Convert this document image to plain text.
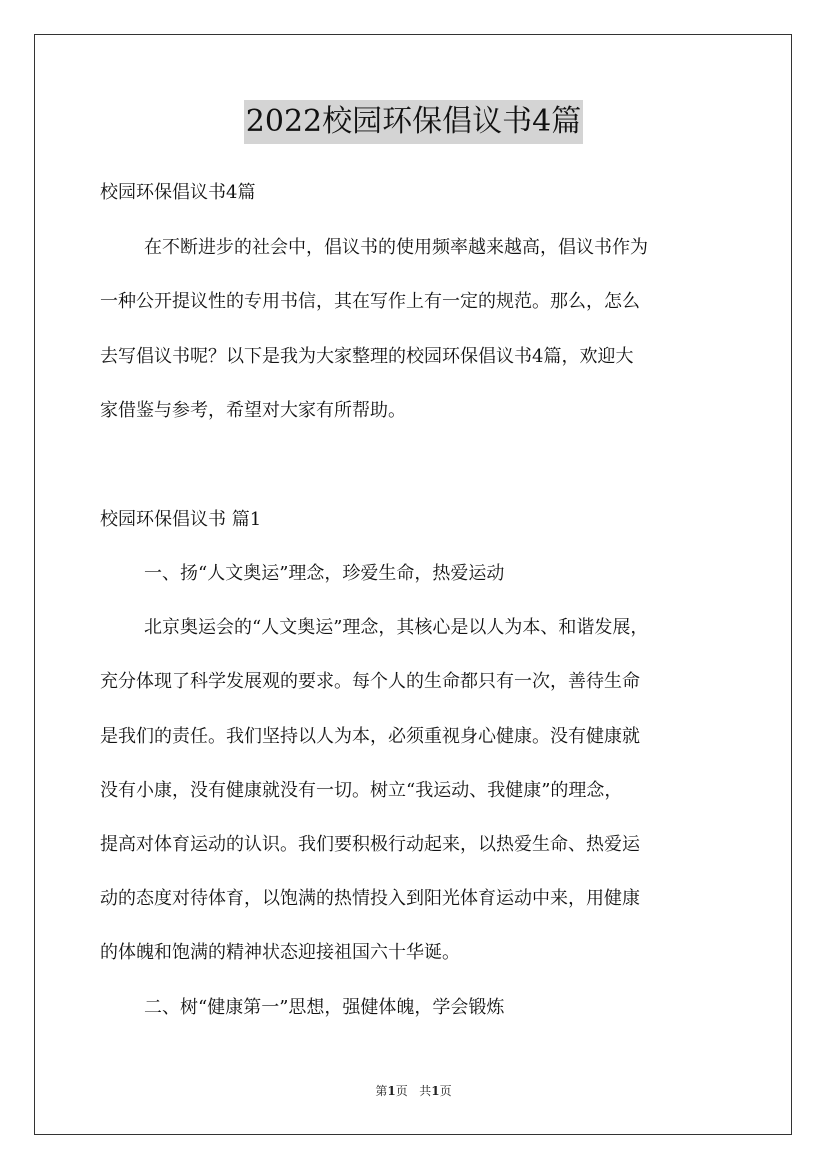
2022校园环保倡议书4篇
校园环保倡议书4篇
在不断进步的社会中，倡议书的使用频率越来越高，倡议书作为
一种公开提议性的专用书信，其在写作上有一定的规范。那么，怎么
去写倡议书呢？以下是我为大家整理的校园环保倡议书4篇，欢迎大
家借鉴与参考，希望对大家有所帮助。
校园环保倡议书 篇1
一、扬“人文奥运”理念，珍爱生命，热爱运动
北京奥运会的“人文奥运”理念，其核心是以人为本、和谐发展，
充分体现了科学发展观的要求。每个人的生命都只有一次，善待生命
是我们的责任。我们坚持以人为本，必须重视身心健康。没有健康就
没有小康，没有健康就没有一切。树立“我运动、我健康”的理念，
提高对体育运动的认识。我们要积极行动起来，以热爱生命、热爱运
动的态度对待体育，以饱满的热情投入到阳光体育运动中来，用健康
的体魄和饱满的精神状态迎接祖国六十华诞。
二、树“健康第一”思想，强健体魄，学会锻炼
第1页 共1页
